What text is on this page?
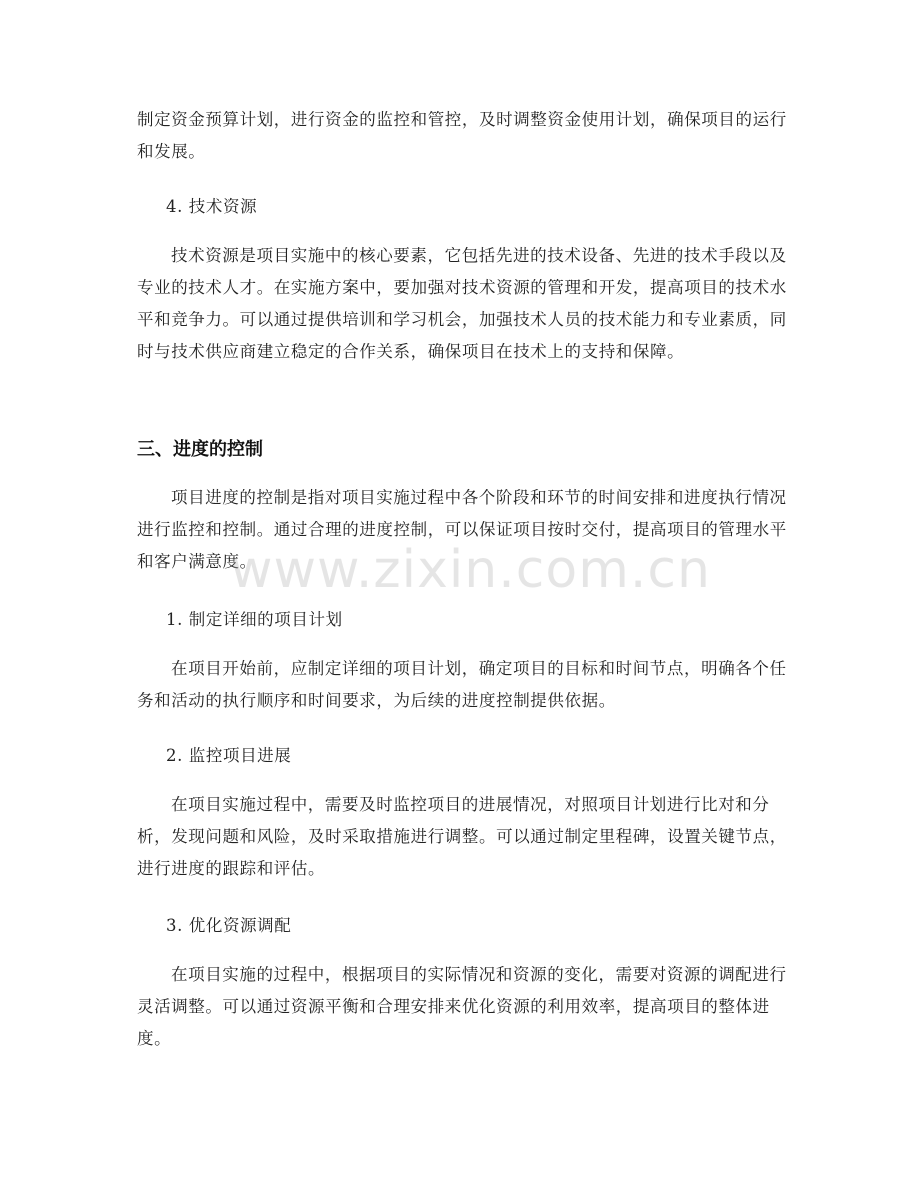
制定资金预算计划，进行资金的监控和管控，及时调整资金使用计划，确保项目的运行和发展。

4. 技术资源

技术资源是项目实施中的核心要素，它包括先进的技术设备、先进的技术手段以及专业的技术人才。在实施方案中，要加强对技术资源的管理和开发，提高项目的技术水平和竞争力。可以通过提供培训和学习机会，加强技术人员的技术能力和专业素质，同时与技术供应商建立稳定的合作关系，确保项目在技术上的支持和保障。

三、进度的控制

项目进度的控制是指对项目实施过程中各个阶段和环节的时间安排和进度执行情况进行监控和控制。通过合理的进度控制，可以保证项目按时交付，提高项目的管理水平和客户满意度。

1. 制定详细的项目计划

在项目开始前，应制定详细的项目计划，确定项目的目标和时间节点，明确各个任务和活动的执行顺序和时间要求，为后续的进度控制提供依据。

2. 监控项目进展

在项目实施过程中，需要及时监控项目的进展情况，对照项目计划进行比对和分析，发现问题和风险，及时采取措施进行调整。可以通过制定里程碑，设置关键节点，进行进度的跟踪和评估。

3. 优化资源调配

在项目实施的过程中，根据项目的实际情况和资源的变化，需要对资源的调配进行灵活调整。可以通过资源平衡和合理安排来优化资源的利用效率，提高项目的整体进度。

www.zixin.com.cn
